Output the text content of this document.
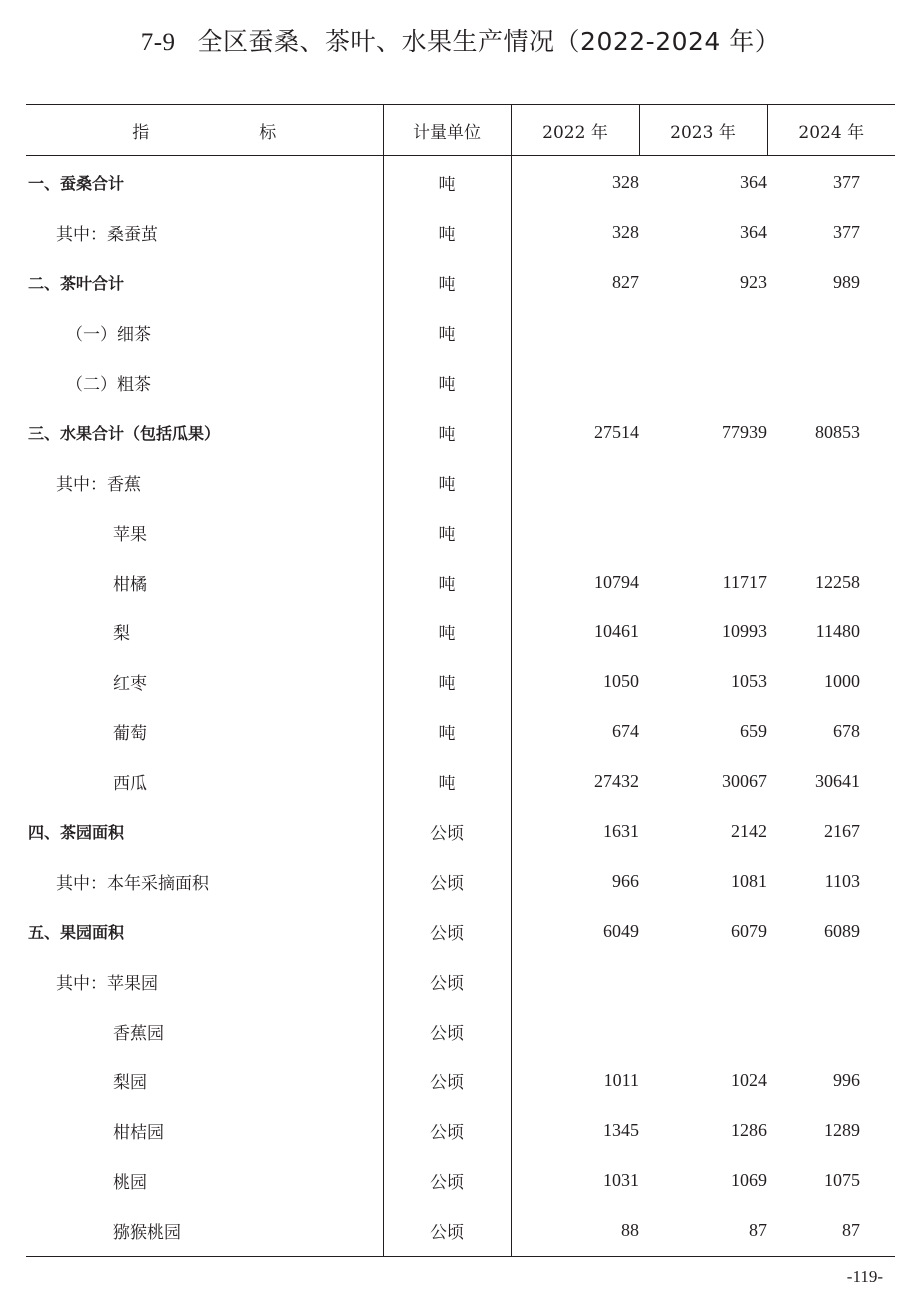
7-9 全区蚕桑、茶叶、水果生产情况（2022-2024 年）
指 标	计量单位	2022 年	2023 年	2024 年
一、蚕桑合计	吨	328	364	377
其中：桑蚕茧	吨	328	364	377
二、茶叶合计	吨	827	923	989
（一）细茶	吨			
（二）粗茶	吨			
三、水果合计（包括瓜果）	吨	27514	77939	80853
其中：香蕉	吨			
苹果	吨			
柑橘	吨	10794	11717	12258
梨	吨	10461	10993	11480
红枣	吨	1050	1053	1000
葡萄	吨	674	659	678
西瓜	吨	27432	30067	30641
四、茶园面积	公顷	1631	2142	2167
其中：本年采摘面积	公顷	966	1081	1103
五、果园面积	公顷	6049	6079	6089
其中：苹果园	公顷			
香蕉园	公顷			
梨园	公顷	1011	1024	996
柑桔园	公顷	1345	1286	1289
桃园	公顷	1031	1069	1075
猕猴桃园	公顷	88	87	87
-119-
